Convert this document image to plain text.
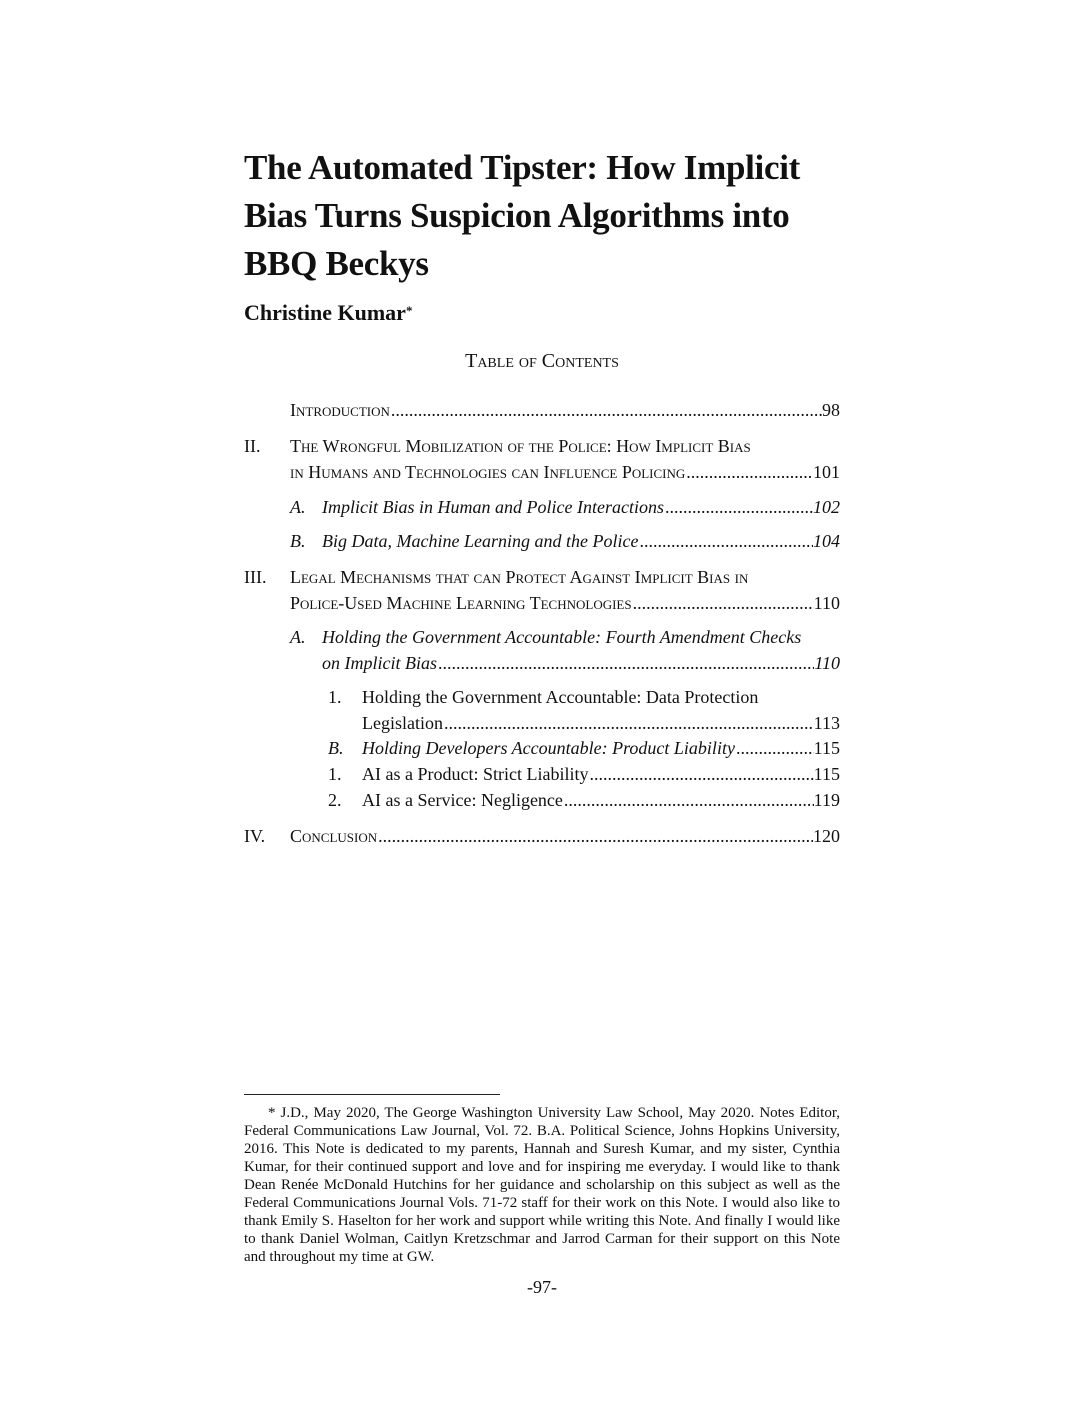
The Automated Tipster: How Implicit
Bias Turns Suspicion Algorithms into
BBQ Beckys
Christine Kumar*
Table of Contents
Introduction .....	98
II. The Wrongful Mobilization of the Police: How Implicit Bias
in Humans and Technologies can Influence Policing .....	101
A. Implicit Bias in Human and Police Interactions .....	102
B. Big Data, Machine Learning and the Police .....	104
III. Legal Mechanisms that can Protect Against Implicit Bias in
Police-Used Machine Learning Technologies .....	110
A. Holding the Government Accountable: Fourth Amendment Checks
on Implicit Bias .....	110
1. Holding the Government Accountable: Data Protection
Legislation .....	113
B. Holding Developers Accountable: Product Liability .....	115
1. AI as a Product: Strict Liability .....	115
2. AI as a Service: Negligence .....	119
IV. Conclusion .....	120

* J.D., May 2020, The George Washington University Law School, May 2020. Notes Editor, Federal Communications Law Journal, Vol. 72. B.A. Political Science, Johns Hopkins University, 2016. This Note is dedicated to my parents, Hannah and Suresh Kumar, and my sister, Cynthia Kumar, for their continued support and love and for inspiring me everyday. I would like to thank Dean Renée McDonald Hutchins for her guidance and scholarship on this subject as well as the Federal Communications Journal Vols. 71-72 staff for their work on this Note. I would also like to thank Emily S. Haselton for her work and support while writing this Note. And finally I would like to thank Daniel Wolman, Caitlyn Kretzschmar and Jarrod Carman for their support on this Note and throughout my time at GW.

-97-
